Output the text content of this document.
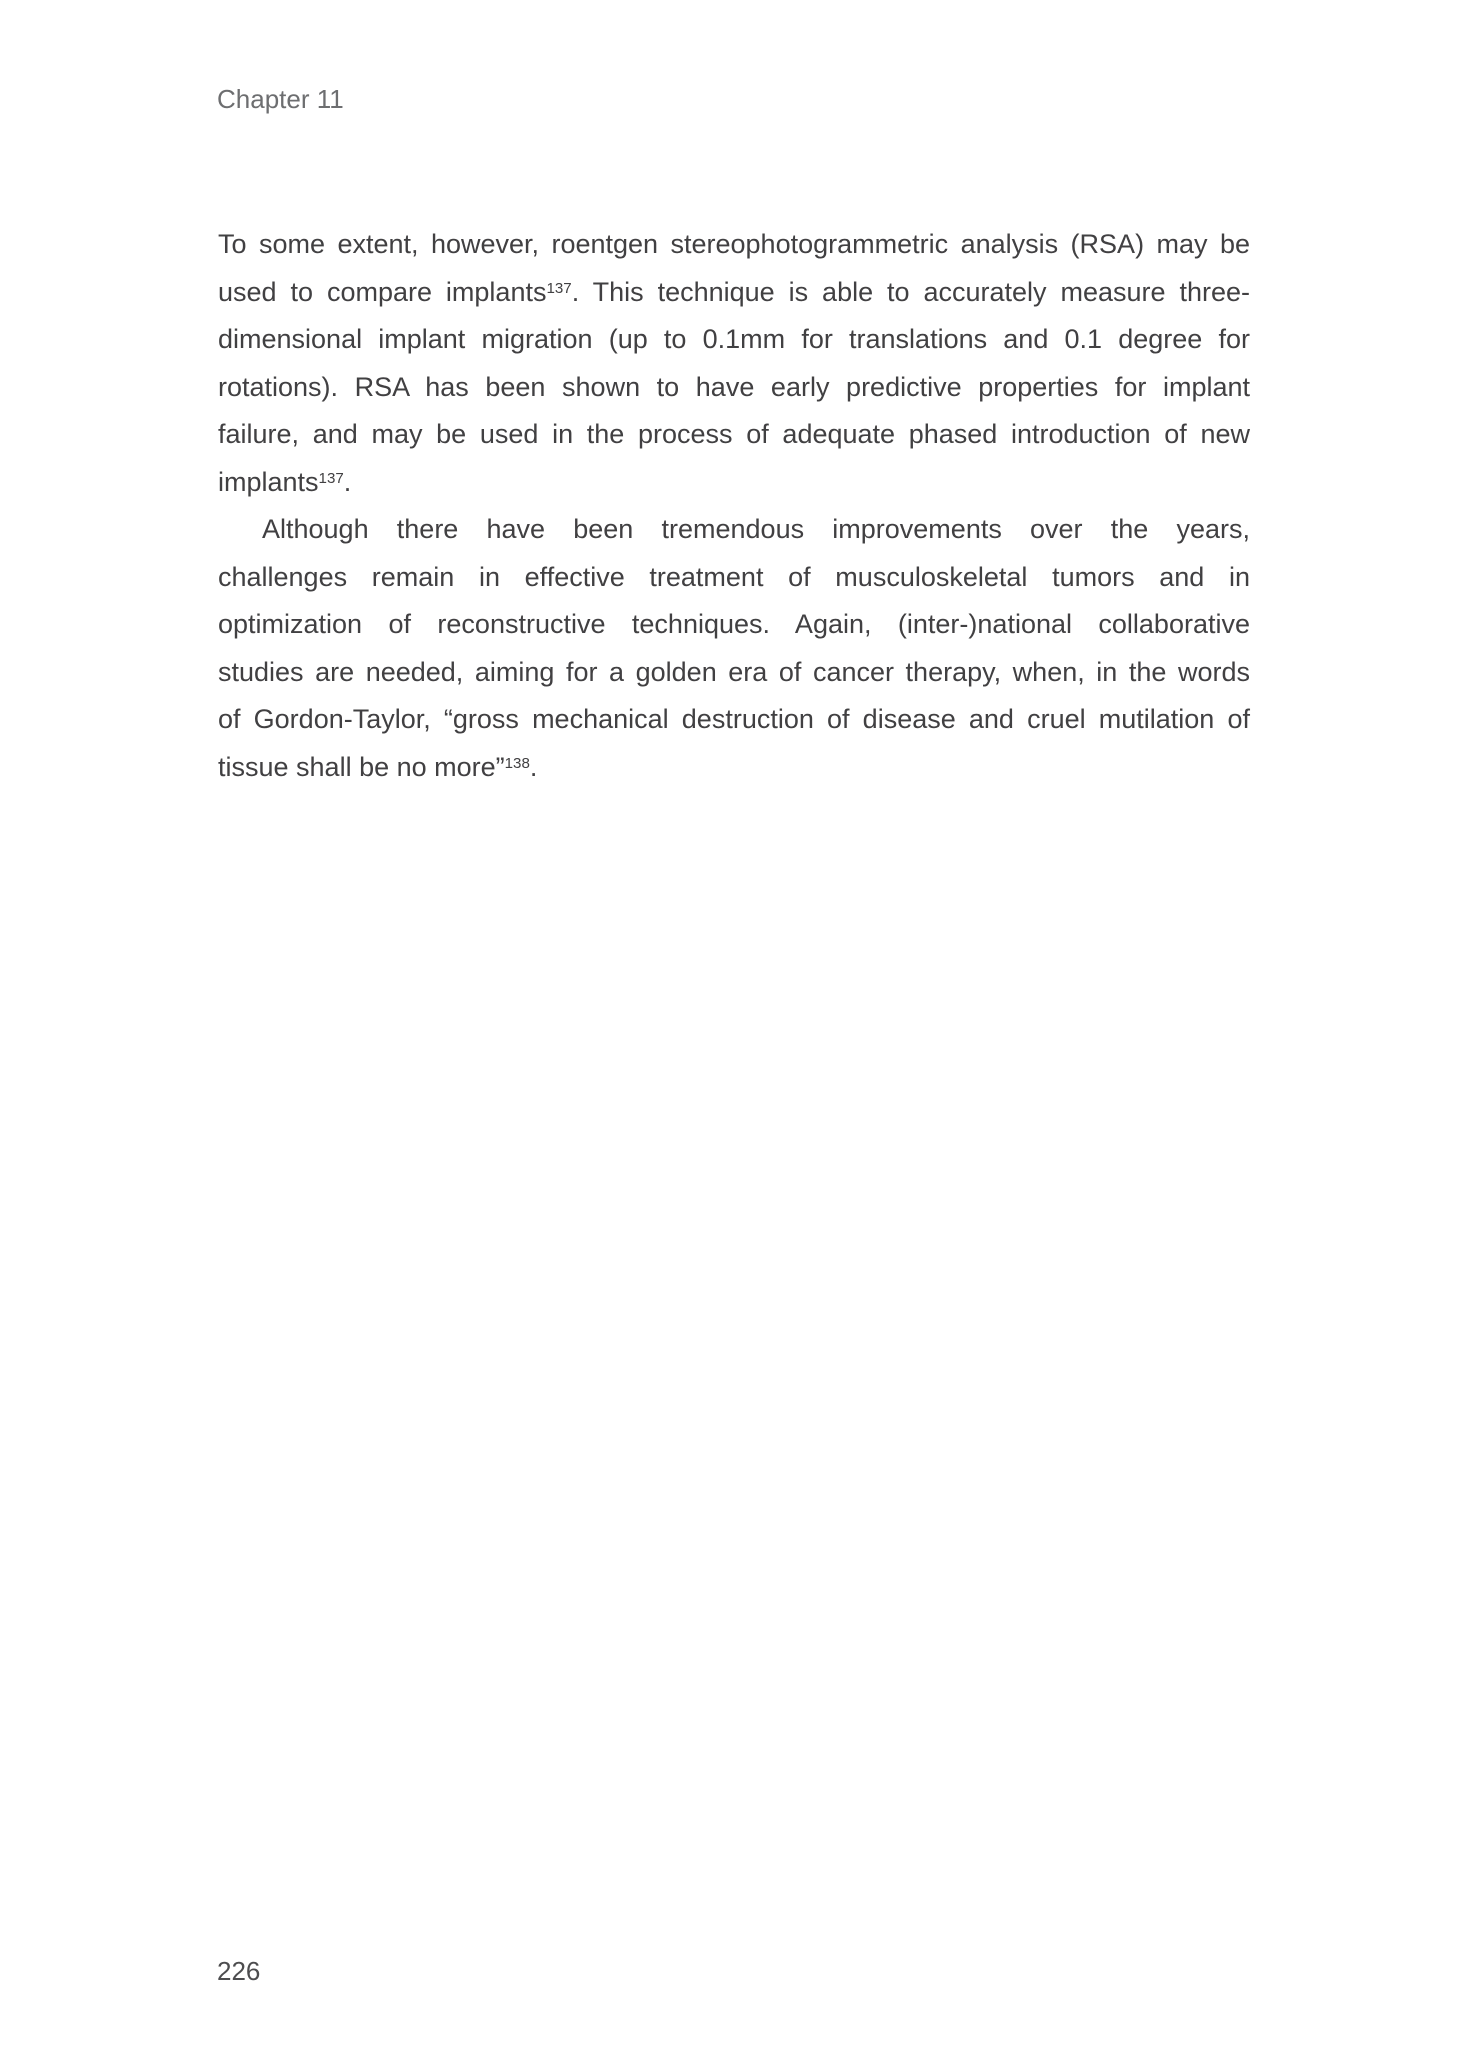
Chapter 11
To some extent, however, roentgen stereophotogrammetric analysis (RSA) may be
used to compare implants$^{137}$. This technique is able to accurately measure three-
dimensional implant migration (up to 0.1mm for translations and 0.1 degree for
rotations). RSA has been shown to have early predictive properties for implant
failure, and may be used in the process of adequate phased introduction of new
implants$^{137}$.
Although there have been tremendous improvements over the years,
challenges remain in effective treatment of musculoskeletal tumors and in
optimization of reconstructive techniques. Again, (inter-)national collaborative
studies are needed, aiming for a golden era of cancer therapy, when, in the words
of Gordon-Taylor, “gross mechanical destruction of disease and cruel mutilation of
tissue shall be no more”$^{138}$.
226
